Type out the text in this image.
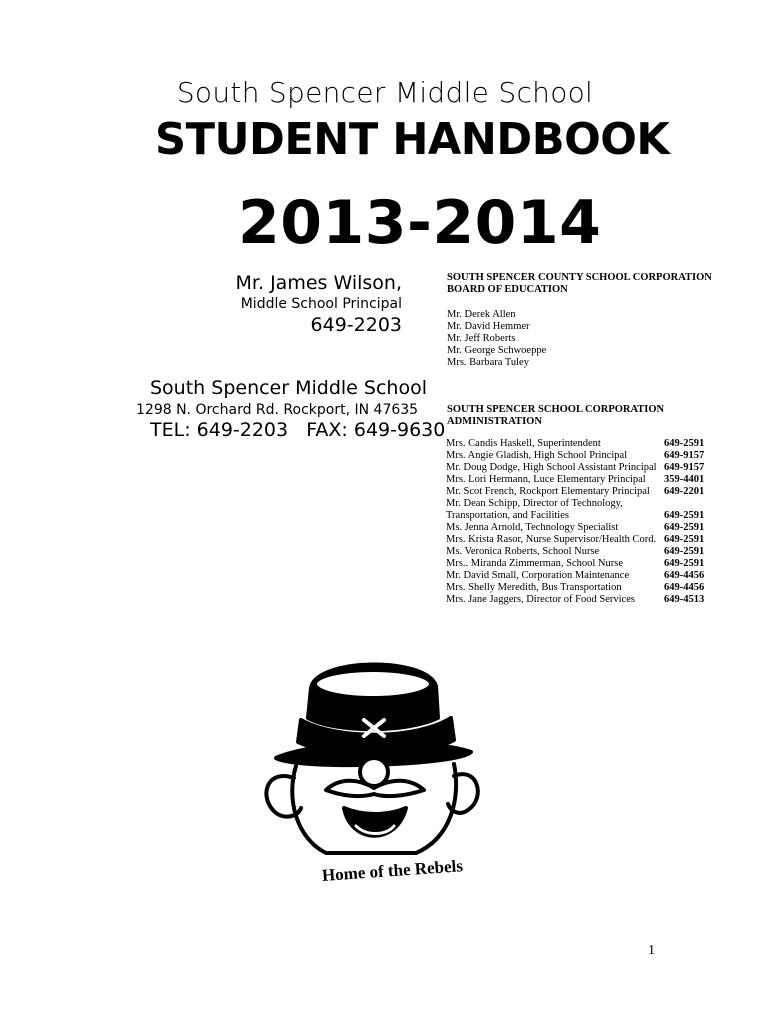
South Spencer Middle School
STUDENT HANDBOOK
2013-2014
Mr. James Wilson,
Middle School Principal
649-2203
South Spencer Middle School
1298 N. Orchard Rd. Rockport, IN 47635
TEL: 649-2203   FAX: 649-9630
SOUTH SPENCER COUNTY SCHOOL CORPORATION BOARD OF EDUCATION
Mr. Derek Allen
Mr. David Hemmer
Mr. Jeff Roberts
Mr. George Schwoeppe
Mrs. Barbara Tuley
SOUTH SPENCER SCHOOL CORPORATION ADMINISTRATION
Mrs. Candis Haskell, Superintendent	649-2591
Mrs. Angie Gladish, High School Principal	649-9157
Mr. Doug Dodge, High School Assistant Principal	649-9157
Mrs. Lori Hermann, Luce Elementary Principal	359-4401
Mr. Scot French, Rockport Elementary Principal	649-2201
Mr. Dean Schipp, Director of Technology,	
Transportation, and Facilities	649-2591
Ms. Jenna Arnold, Technology Specialist	649-2591
Mrs. Krista Rasor, Nurse Supervisor/Health Cord.	649-2591
Ms. Veronica Roberts, School Nurse	649-2591
Mrs.. Miranda Zimmerman, School Nurse	649-2591
Mr. David Small, Corporation Maintenance	649-4456
Mrs. Shelly Meredith, Bus Transportation	649-4456
Mrs. Jane Jaggers, Director of Food Services	649-4513
Home of the Rebels
1
